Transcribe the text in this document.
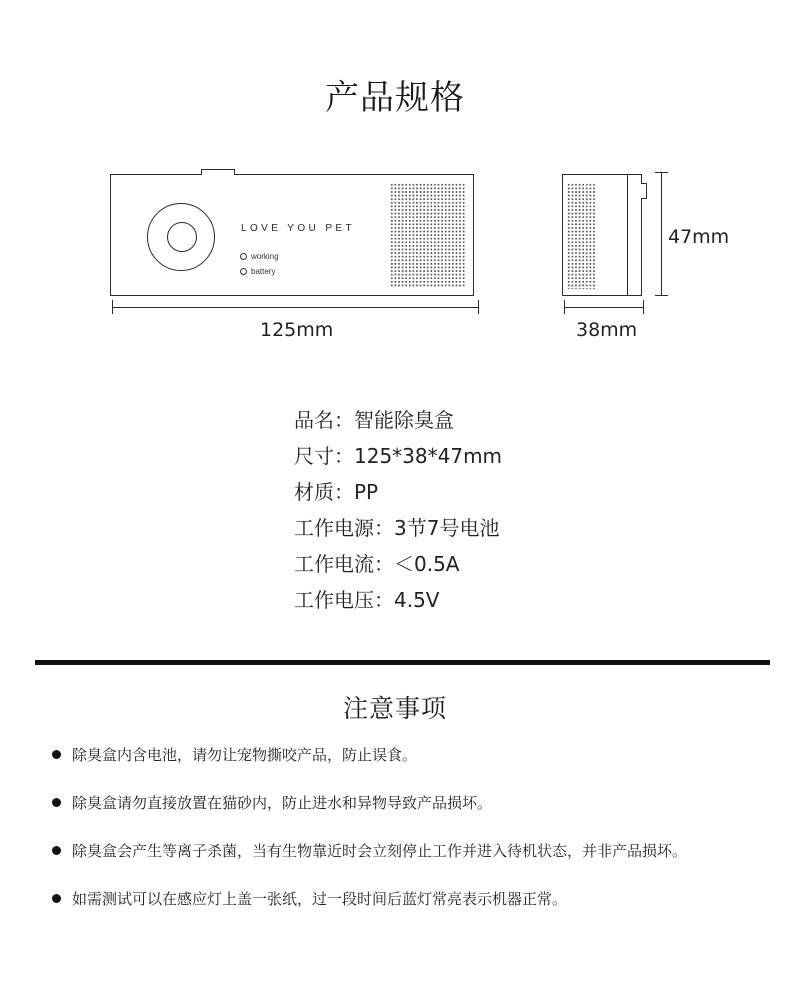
产品规格
LOVE YOU PET
working
battery
125mm	38mm
47mm
品名：智能除臭盒
尺寸：125*38*47mm
材质：PP
工作电源：3节7号电池
工作电流：＜0.5A
工作电压：4.5V
注意事项
除臭盒内含电池，请勿让宠物撕咬产品，防止误食。
除臭盒请勿直接放置在猫砂内，防止进水和异物导致产品损坏。
除臭盒会产生等离子杀菌，当有生物靠近时会立刻停止工作并进入待机状态，并非产品损坏。
如需测试可以在感应灯上盖一张纸，过一段时间后蓝灯常亮表示机器正常。
